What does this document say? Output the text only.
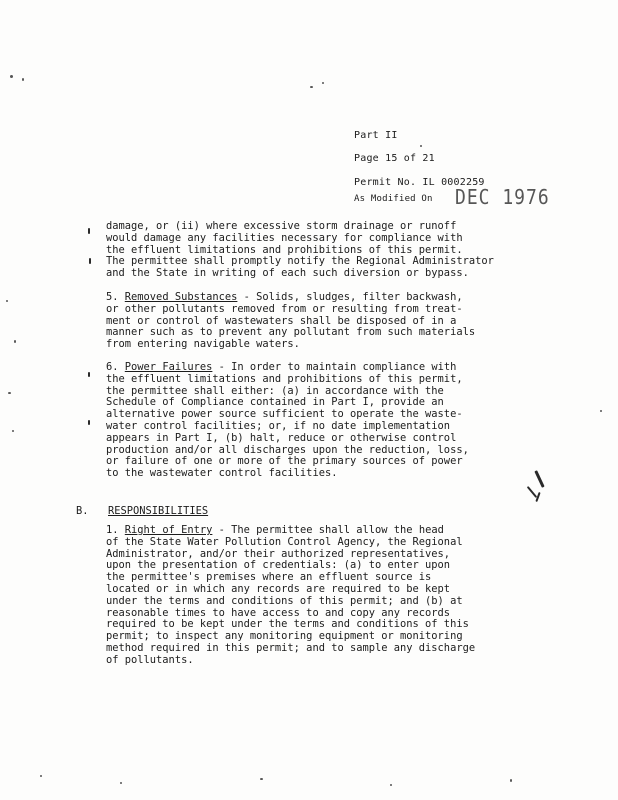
Part II
Page 15 of 21
Permit No. IL 0002259
As Modified On DEC 1976

damage, or (ii) where excessive storm drainage or runoff
would damage any facilities necessary for compliance with
the effluent limitations and prohibitions of this permit.
The permittee shall promptly notify the Regional Administrator
and the State in writing of each such diversion or bypass.

5. Removed Substances - Solids, sludges, filter backwash,
or other pollutants removed from or resulting from treat-
ment or control of wastewaters shall be disposed of in a
manner such as to prevent any pollutant from such materials
from entering navigable waters.

6. Power Failures - In order to maintain compliance with
the effluent limitations and prohibitions of this permit,
the permittee shall either: (a) in accordance with the
Schedule of Compliance contained in Part I, provide an
alternative power source sufficient to operate the waste-
water control facilities; or, if no date implementation
appears in Part I, (b) halt, reduce or otherwise control
production and/or all discharges upon the reduction, loss,
or failure of one or more of the primary sources of power
to the wastewater control facilities.

B. RESPONSIBILITIES

1. Right of Entry - The permittee shall allow the head
of the State Water Pollution Control Agency, the Regional
Administrator, and/or their authorized representatives,
upon the presentation of credentials: (a) to enter upon
the permittee's premises where an effluent source is
located or in which any records are required to be kept
under the terms and conditions of this permit; and (b) at
reasonable times to have access to and copy any records
required to be kept under the terms and conditions of this
permit; to inspect any monitoring equipment or monitoring
method required in this permit; and to sample any discharge
of pollutants.
